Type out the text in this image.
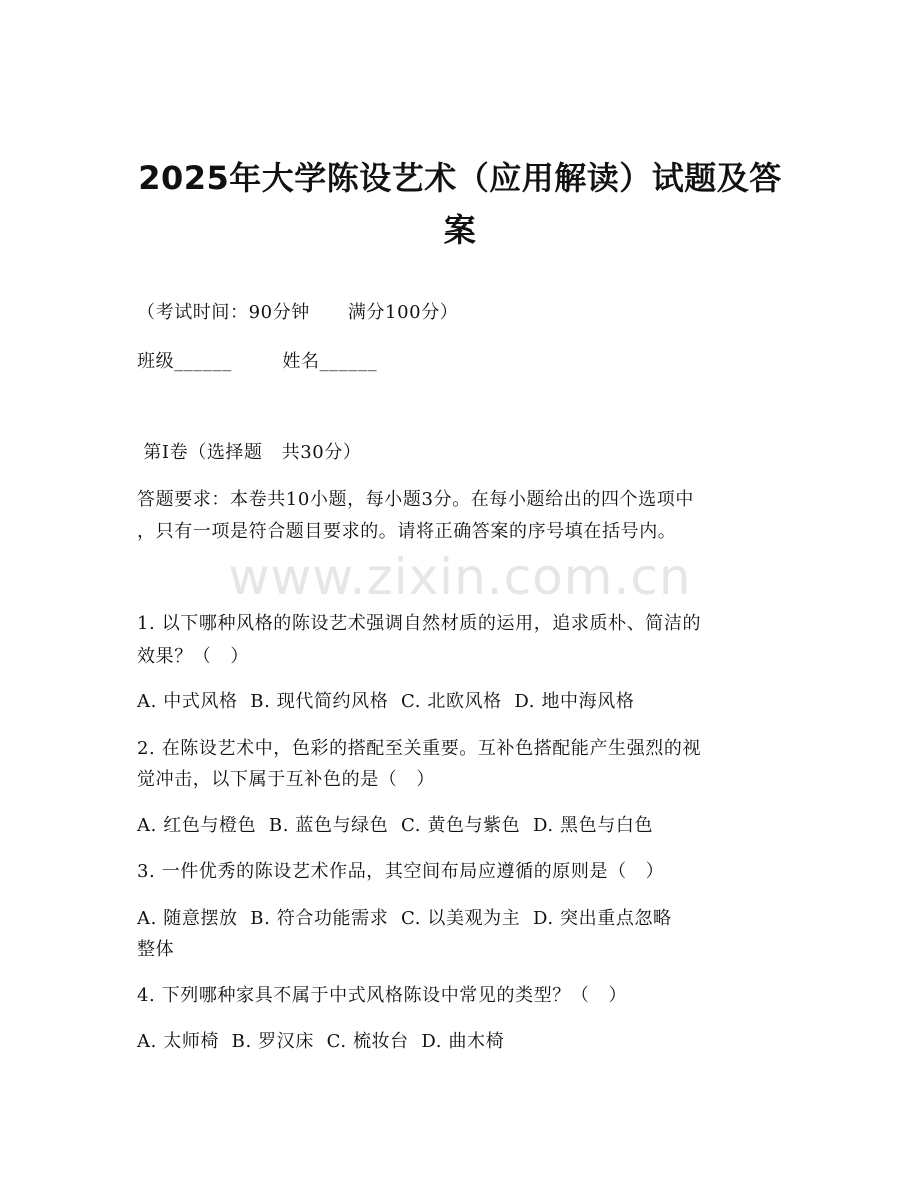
www.zixin.com.cn
2025年大学陈设艺术（应用解读）试题及答
案
（考试时间：90分钟      满分100分）
班级______        姓名______
第Ⅰ卷（选择题   共30分）
答题要求：本卷共10小题，每小题3分。在每小题给出的四个选项中
，只有一项是符合题目要求的。请将正确答案的序号填在括号内。
1. 以下哪种风格的陈设艺术强调自然材质的运用，追求质朴、简洁的
效果？（   ）
A. 中式风格  B. 现代简约风格  C. 北欧风格  D. 地中海风格
2. 在陈设艺术中，色彩的搭配至关重要。互补色搭配能产生强烈的视
觉冲击，以下属于互补色的是（   ）
A. 红色与橙色  B. 蓝色与绿色  C. 黄色与紫色  D. 黑色与白色
3. 一件优秀的陈设艺术作品，其空间布局应遵循的原则是（   ）
A. 随意摆放  B. 符合功能需求  C. 以美观为主  D. 突出重点忽略
整体
4. 下列哪种家具不属于中式风格陈设中常见的类型？（   ）
A. 太师椅  B. 罗汉床  C. 梳妆台  D. 曲木椅
